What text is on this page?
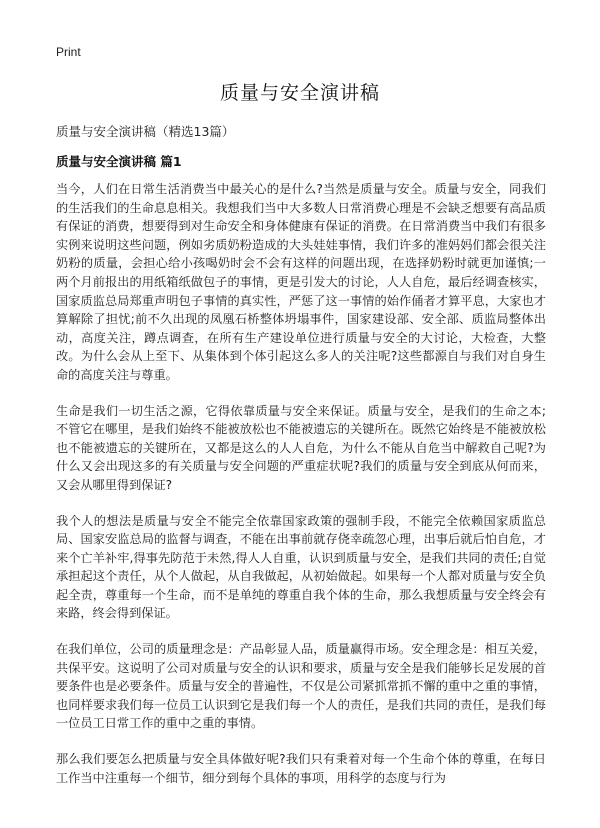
Print
质量与安全演讲稿
质量与安全演讲稿（精选13篇）
质量与安全演讲稿 篇1

当今，人们在日常生活消费当中最关心的是什么?当然是质量与安全。质量与安全，同我们的生活我们的生命息息相关。我想我们当中大多数人日常消费心理是不会缺乏想要有高品质有保证的消费，想要得到对生命安全和身体健康有保证的消费。在日常消费当中我们有很多实例来说明这些问题，例如劣质奶粉造成的大头娃娃事情，我们许多的准妈妈们都会很关注奶粉的质量，会担心给小孩喝奶时会不会有这样的问题出现，在选择奶粉时就更加谨慎;一两个月前报出的用纸箱纸做包子的事情，更是引发大的讨论，人人自危，最后经调查核实，国家质监总局郑重声明包子事情的真实性，严惩了这一事情的始作俑者才算平息，大家也才算解除了担忧;前不久出现的凤凰石桥整体坍塌事件，国家建设部、安全部、质监局整体出动，高度关注，蹲点调查，在所有生产建设单位进行质量与安全的大讨论，大检查，大整改。为什么会从上至下、从集体到个体引起这么多人的关注呢?这些都源自与我们对自身生命的高度关注与尊重。

生命是我们一切生活之源，它得依靠质量与安全来保证。质量与安全，是我们的生命之本;不管它在哪里，是我们始终不能被放松也不能被遗忘的关键所在。既然它始终是不能被放松也不能被遗忘的关键所在，又都是这么的人人自危，为什么不能从自危当中解救自己呢?为什么又会出现这多的有关质量与安全问题的严重症状呢?我们的质量与安全到底从何而来，又会从哪里得到保证?

我个人的想法是质量与安全不能完全依靠国家政策的强制手段，不能完全依赖国家质监总局、国家安监总局的监督与调查，不能在出事前就存侥幸疏忽心理，出事后就后怕自危，才来个亡羊补牢,得事先防范于未然,得人人自重，认识到质量与安全，是我们共同的责任;自觉承担起这个责任，从个人做起，从自我做起，从初始做起。如果每一个人都对质量与安全负起全责，尊重每一个生命，而不是单纯的尊重自我个体的生命，那么我想质量与安全终会有来路，终会得到保证。

在我们单位，公司的质量理念是：产品彰显人品，质量赢得市场。安全理念是：相互关爱，共保平安。这说明了公司对质量与安全的认识和要求，质量与安全是我们能够长足发展的首要条件也是必要条件。质量与安全的普遍性，不仅是公司紧抓常抓不懈的重中之重的事情，也同样要求我们每一位员工认识到它是我们每一个人的责任，是我们共同的责任，是我们每一位员工日常工作的重中之重的事情。

那么我们要怎么把质量与安全具体做好呢?我们只有秉着对每一个生命个体的尊重，在每日工作当中注重每一个细节，细分到每个具体的事项，用科学的态度与行为
